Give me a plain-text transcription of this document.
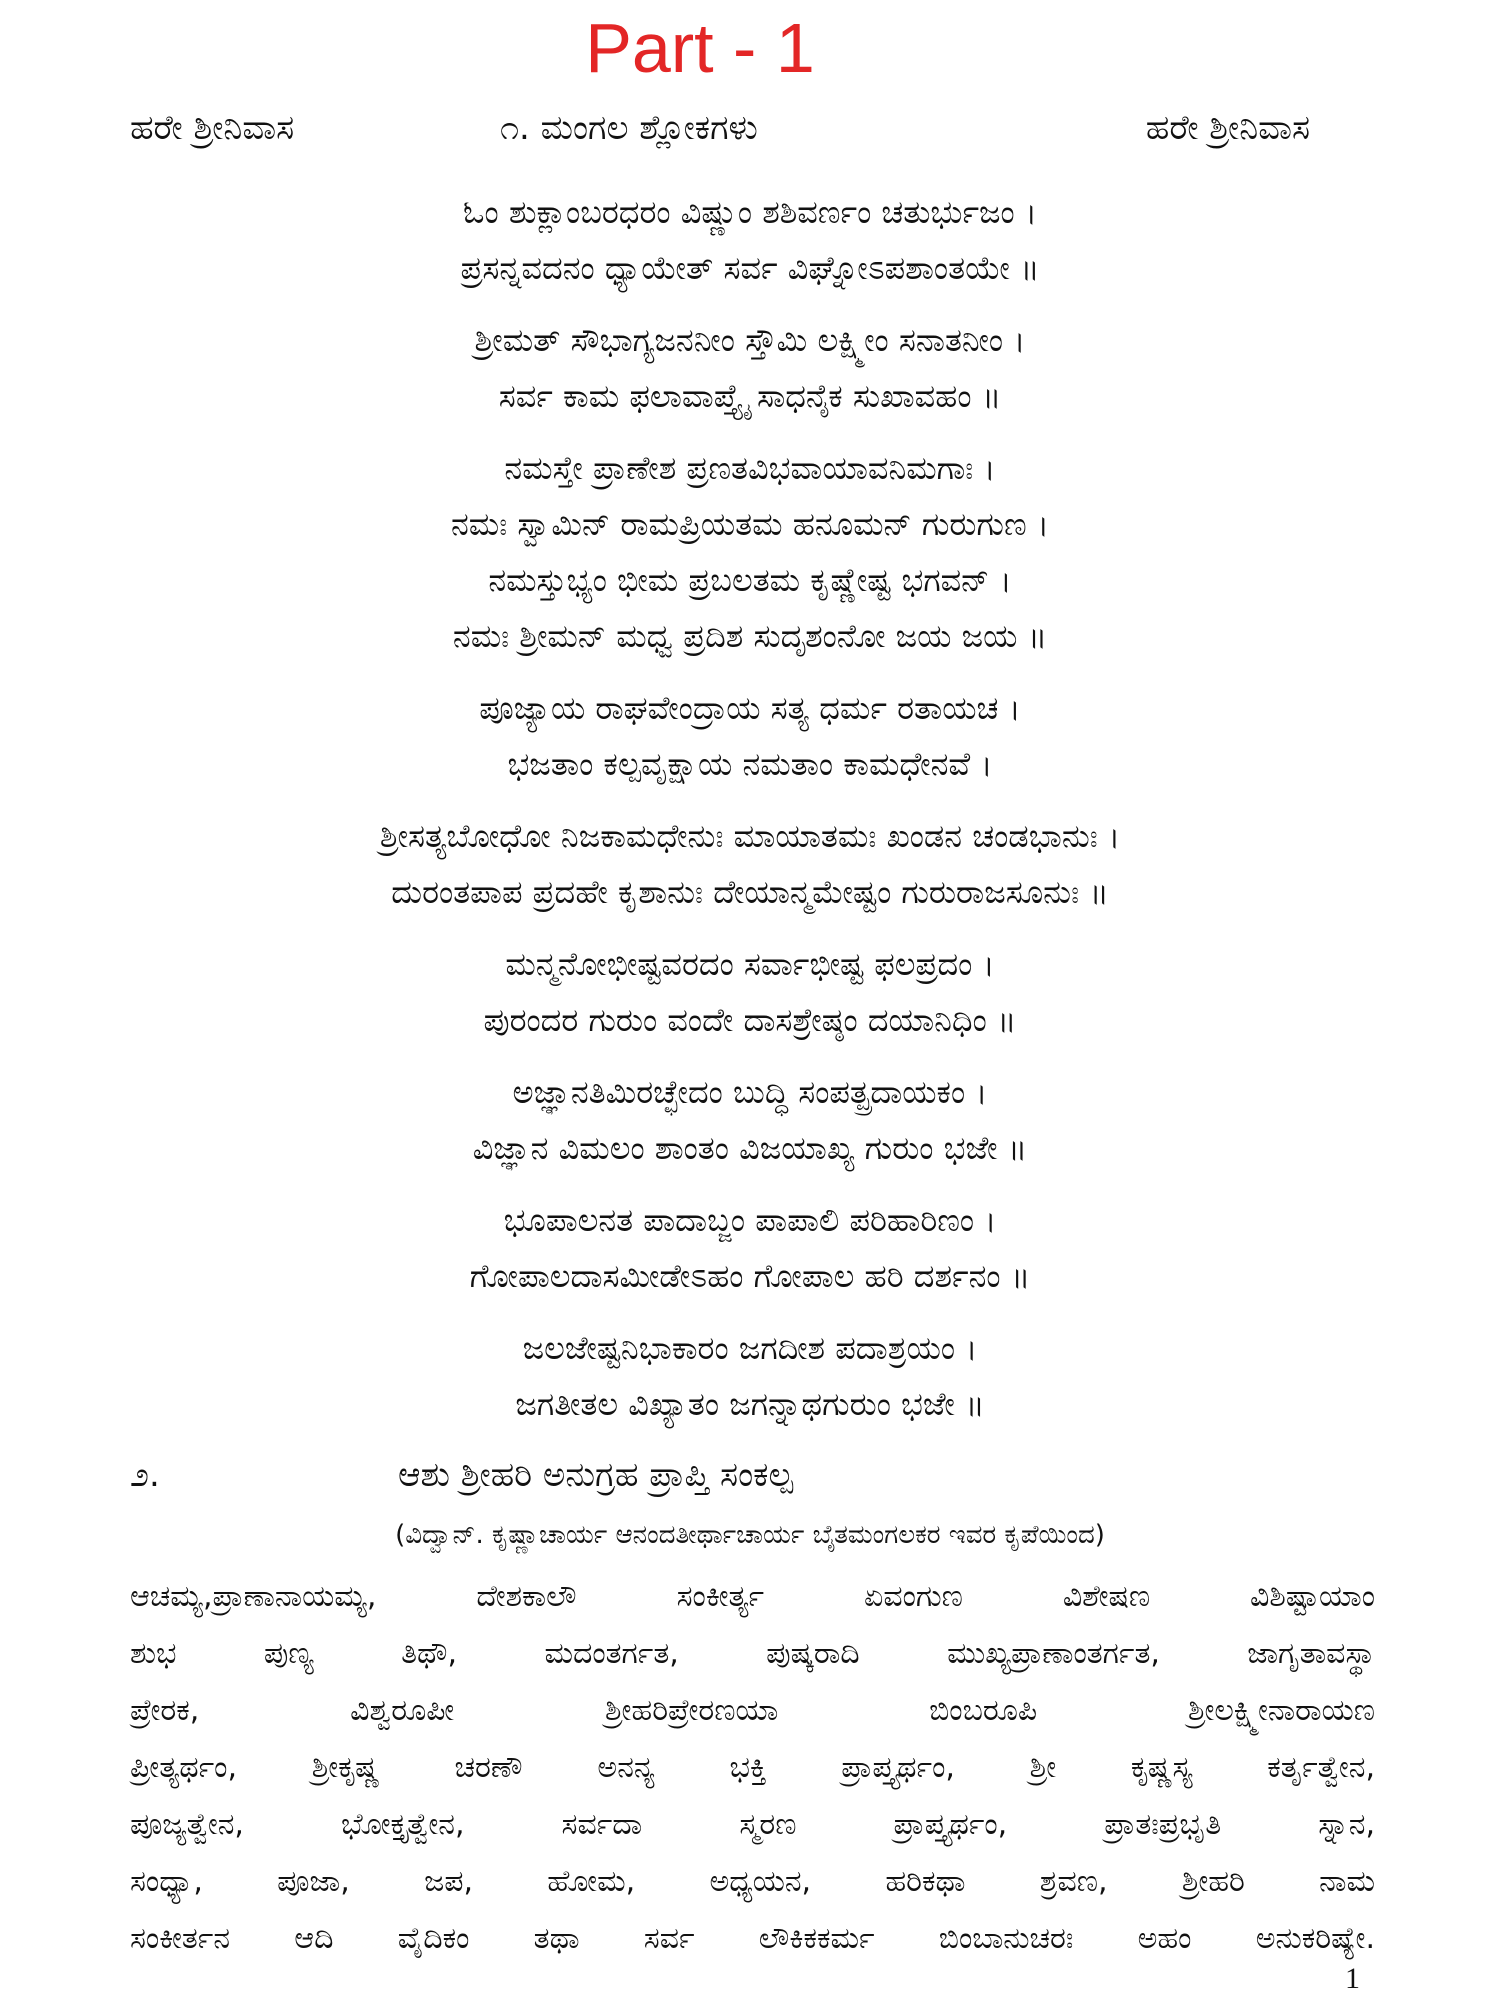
Part - 1
ಹರೇ ಶ್ರೀನಿವಾಸ	೧. ಮಂಗಲ ಶ್ಲೋಕಗಳು	ಹರೇ ಶ್ರೀನಿವಾಸ
ಓಂ ಶುಕ್ಲಾಂಬರಧರಂ ವಿಷ್ಣುಂ ಶಶಿವರ್ಣಂ ಚತುರ್ಭುಜಂ ।
ಪ್ರಸನ್ನವದನಂ ಧ್ಯಾಯೇತ್ ಸರ್ವ ವಿಘ್ನೋಽಪಶಾಂತಯೇ ॥
ಶ್ರೀಮತ್ ಸೌಭಾಗ್ಯಜನನೀಂ ಸ್ತೌಮಿ ಲಕ್ಷ್ಮೀಂ ಸನಾತನೀಂ ।
ಸರ್ವ ಕಾಮ ಫಲಾವಾಪ್ತ್ಯೈ ಸಾಧನೈಕ ಸುಖಾವಹಂ ॥
ನಮಸ್ತೇ ಪ್ರಾಣೇಶ ಪ್ರಣತವಿಭವಾಯಾವನಿಮಗಾಃ ।
ನಮಃ ಸ್ವಾಮಿನ್ ರಾಮಪ್ರಿಯತಮ ಹನೂಮನ್ ಗುರುಗುಣ ।
ನಮಸ್ತುಭ್ಯಂ ಭೀಮ ಪ್ರಬಲತಮ ಕೃಷ್ಣೇಷ್ಟ ಭಗವನ್ ।
ನಮಃ ಶ್ರೀಮನ್ ಮಧ್ವ ಪ್ರದಿಶ ಸುದೃಶಂನೋ ಜಯ ಜಯ ॥
ಪೂಜ್ಯಾಯ ರಾಘವೇಂದ್ರಾಯ ಸತ್ಯ ಧರ್ಮ ರತಾಯಚ ।
ಭಜತಾಂ ಕಲ್ಪವೃಕ್ಷಾಯ ನಮತಾಂ ಕಾಮಧೇನವೆ ।
ಶ್ರೀಸತ್ಯಬೋಧೋ ನಿಜಕಾಮಧೇನುಃ ಮಾಯಾತಮಃ ಖಂಡನ ಚಂಡಭಾನುಃ ।
ದುರಂತಪಾಪ ಪ್ರದಹೇ ಕೃಶಾನುಃ ದೇಯಾನ್ಮಮೇಷ್ಟಂ ಗುರುರಾಜಸೂನುಃ ॥
ಮನ್ಮನೋಭೀಷ್ಟವರದಂ ಸರ್ವಾಭೀಷ್ಟ ಫಲಪ್ರದಂ ।
ಪುರಂದರ ಗುರುಂ ವಂದೇ ದಾಸಶ್ರೇಷ್ಠಂ ದಯಾನಿಧಿಂ ॥
ಅಜ್ಞಾನತಿಮಿರಚ್ಛೇದಂ ಬುದ್ಧಿ ಸಂಪತ್ಪ್ರದಾಯಕಂ ।
ವಿಜ್ಞಾನ ವಿಮಲಂ ಶಾಂತಂ ವಿಜಯಾಖ್ಯ ಗುರುಂ ಭಜೇ ॥
ಭೂಪಾಲನತ ಪಾದಾಬ್ಜಂ ಪಾಪಾಲಿ ಪರಿಹಾರಿಣಂ ।
ಗೋಪಾಲದಾಸಮೀಡೇಽಹಂ ಗೋಪಾಲ ಹರಿ ದರ್ಶನಂ ॥
ಜಲಜೇಷ್ಟನಿಭಾಕಾರಂ ಜಗದೀಶ ಪದಾಶ್ರಯಂ ।
ಜಗತೀತಲ ವಿಖ್ಯಾತಂ ಜಗನ್ನಾಥಗುರುಂ ಭಜೇ ॥
೨.	ಆಶು ಶ್ರೀಹರಿ ಅನುಗ್ರಹ ಪ್ರಾಪ್ತಿ ಸಂಕಲ್ಪ
(ವಿದ್ವಾನ್. ಕೃಷ್ಣಾಚಾರ್ಯ ಆನಂದತೀರ್ಥಾಚಾರ್ಯ ಬೈತಮಂಗಲಕರ ಇವರ ಕೃಪೆಯಿಂದ)
ಆಚಮ್ಯ,ಪ್ರಾಣಾನಾಯಮ್ಯ, ದೇಶಕಾಲೌ ಸಂಕೀರ್ತ್ಯ ಏವಂಗುಣ ವಿಶೇಷಣ ವಿಶಿಷ್ಟಾಯಾಂ
ಶುಭ ಪುಣ್ಯ ತಿಥೌ, ಮದಂತರ್ಗತ, ಪುಷ್ಕರಾದಿ ಮುಖ್ಯಪ್ರಾಣಾಂತರ್ಗತ, ಜಾಗೃತಾವಸ್ಥಾ
ಪ್ರೇರಕ, ವಿಶ್ವರೂಪೀ ಶ್ರೀಹರಿಪ್ರೇರಣಯಾ ಬಿಂಬರೂಪಿ ಶ್ರೀಲಕ್ಷ್ಮೀನಾರಾಯಣ
ಪ್ರೀತ್ಯರ್ಥಂ, ಶ್ರೀಕೃಷ್ಣ ಚರಣೌ ಅನನ್ಯ ಭಕ್ತಿ ಪ್ರಾಪ್ತ್ಯರ್ಥಂ, ಶ್ರೀ ಕೃಷ್ಣಸ್ಯ ಕರ್ತೃತ್ವೇನ,
ಪೂಜ್ಯತ್ವೇನ, ಭೋಕ್ತೃತ್ವೇನ, ಸರ್ವದಾ ಸ್ಮರಣ ಪ್ರಾಪ್ತ್ಯರ್ಥಂ, ಪ್ರಾತಃಪ್ರಭೃತಿ ಸ್ನಾನ,
ಸಂಧ್ಯಾ, ಪೂಜಾ, ಜಪ, ಹೋಮ, ಅಧ್ಯಯನ, ಹರಿಕಥಾ ಶ್ರವಣ, ಶ್ರೀಹರಿ ನಾಮ
ಸಂಕೀರ್ತನ ಆದಿ ವೈದಿಕಂ ತಥಾ ಸರ್ವ ಲೌಕಿಕಕರ್ಮ ಬಿಂಬಾನುಚರಃ ಅಹಂ ಅನುಕರಿಷ್ಯೇ.
1
